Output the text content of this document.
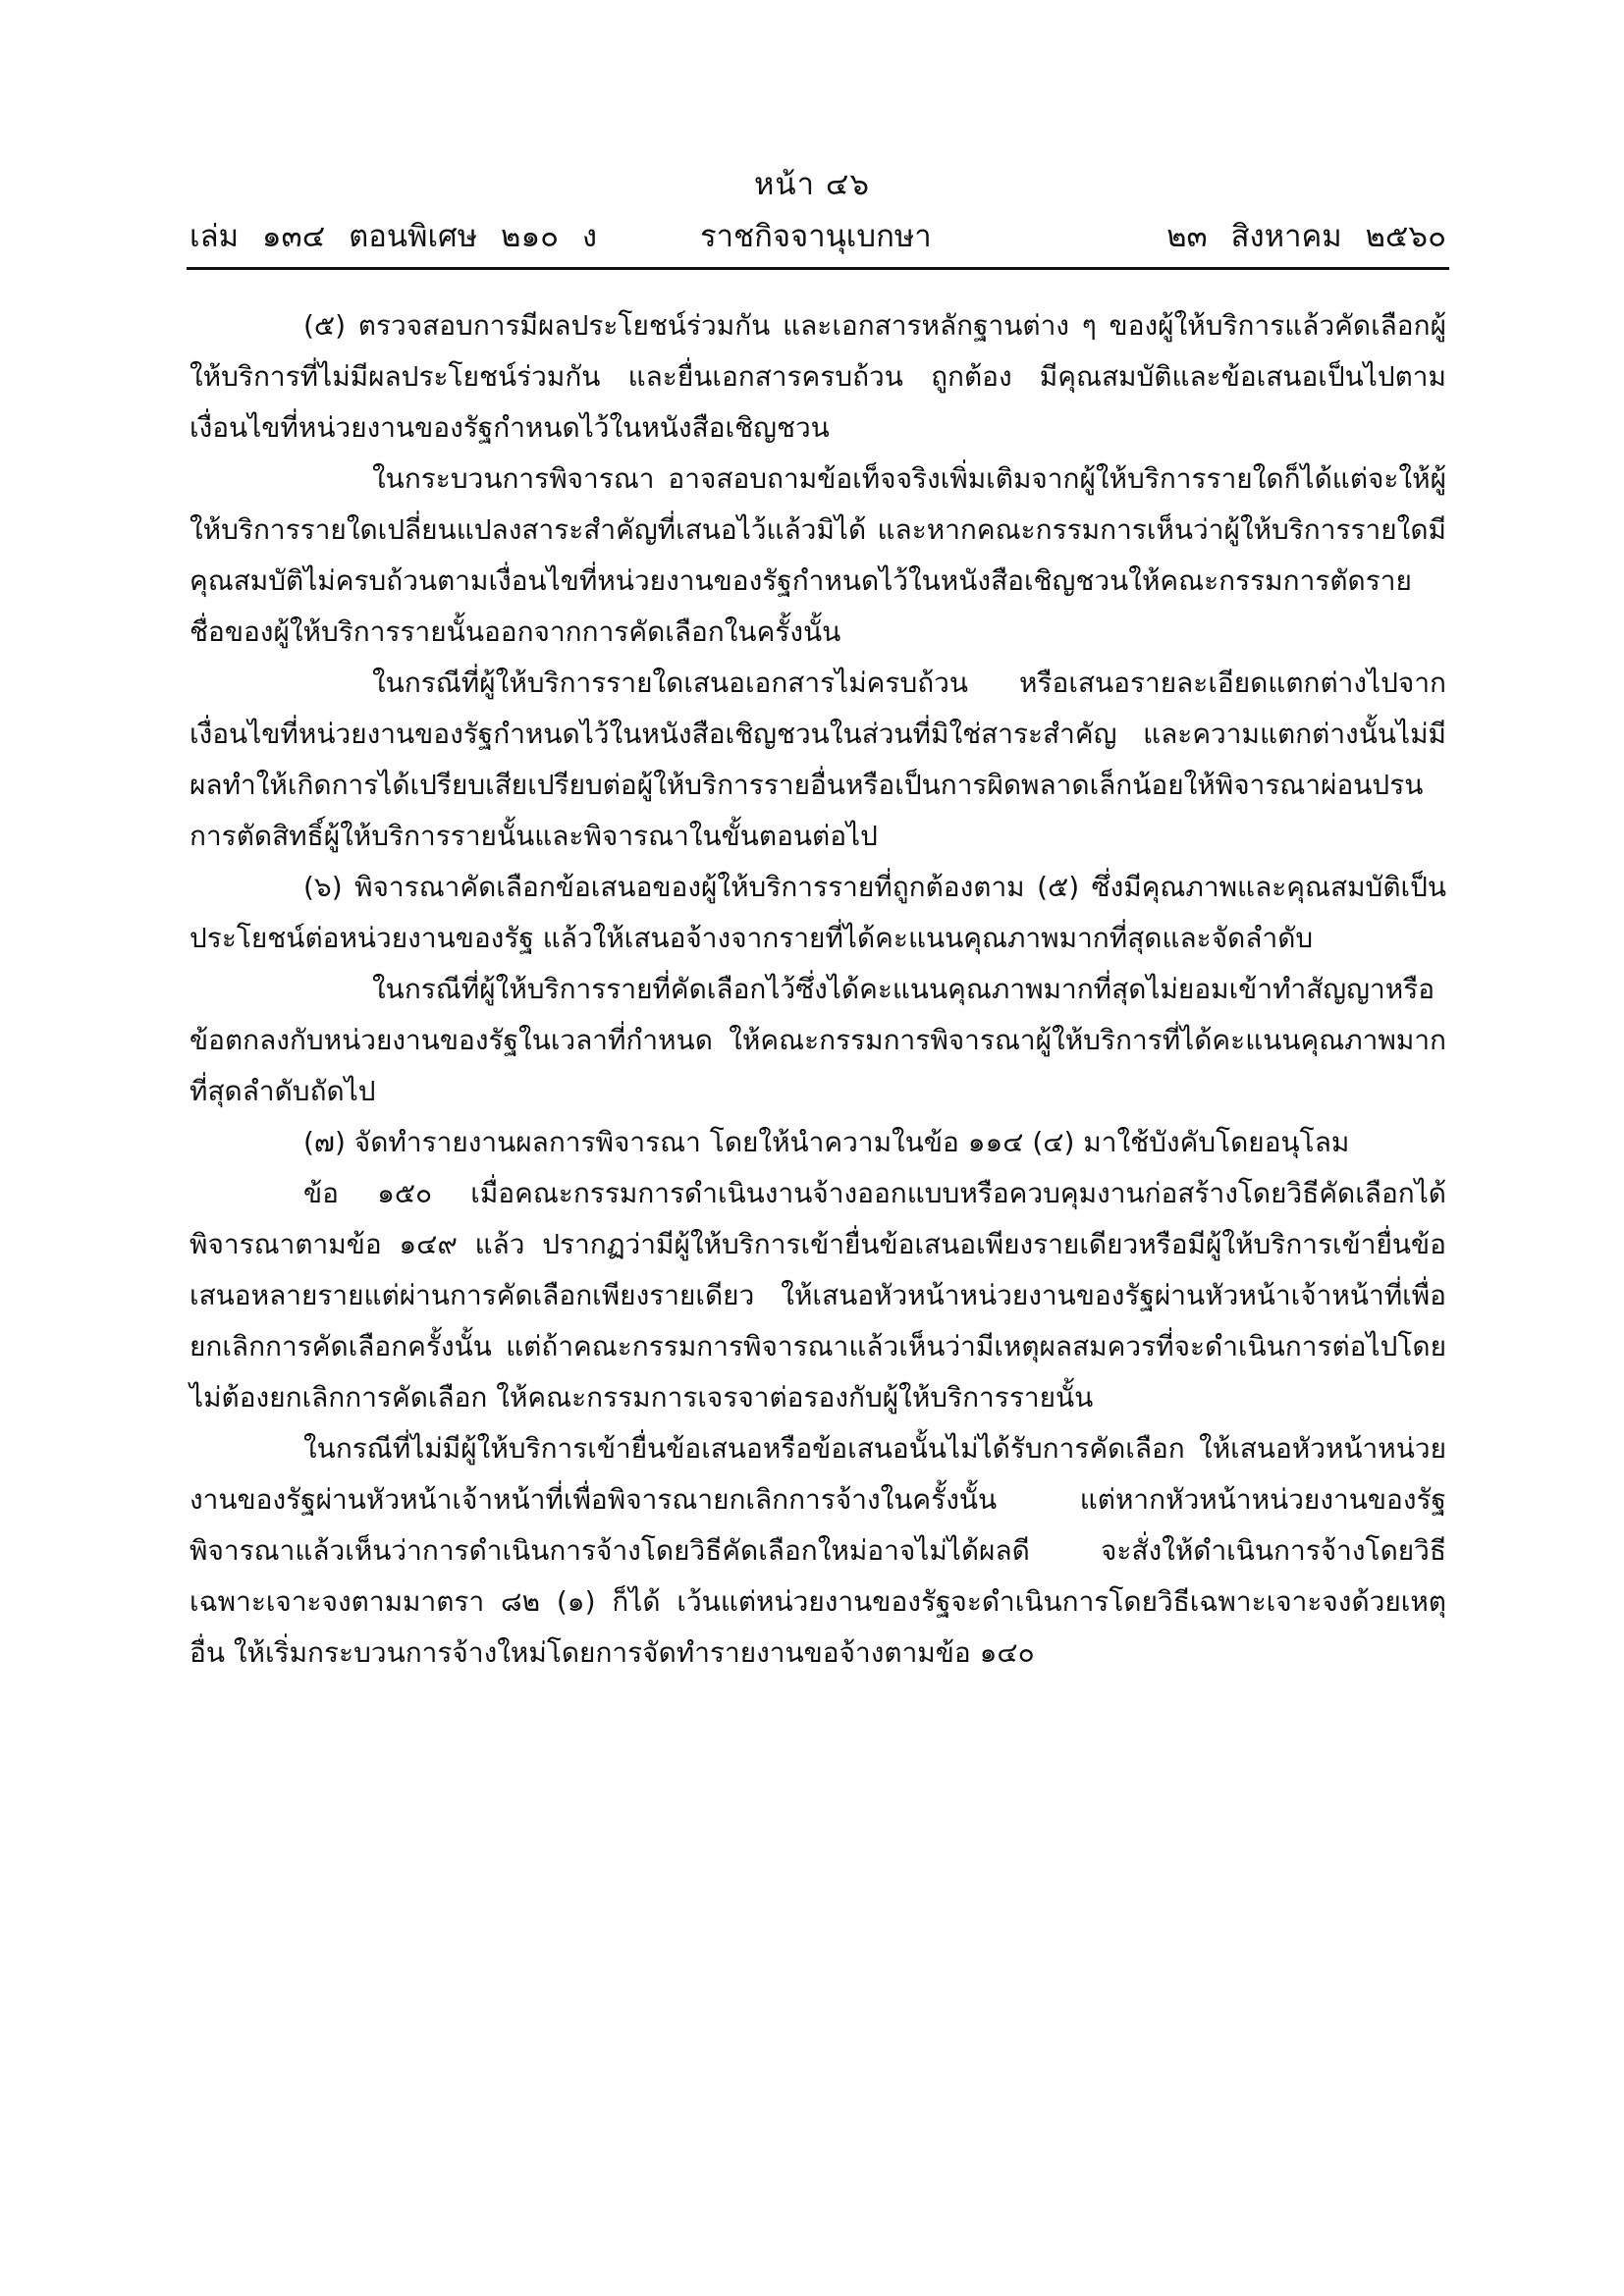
หน้า ๔๖
เล่ม ๑๓๔ ตอนพิเศษ ๒๑๐ ง	ราชกิจจานุเบกษา	๒๓ สิงหาคม ๒๕๖๐

(๕) ตรวจสอบการมีผลประโยชน์ร่วมกัน และเอกสารหลักฐานต่าง ๆ ของผู้ให้บริการแล้วคัดเลือกผู้ให้บริการที่ไม่มีผลประโยชน์ร่วมกัน และยื่นเอกสารครบถ้วน ถูกต้อง มีคุณสมบัติและข้อเสนอเป็นไปตามเงื่อนไขที่หน่วยงานของรัฐกำหนดไว้ในหนังสือเชิญชวน

ในกระบวนการพิจารณา อาจสอบถามข้อเท็จจริงเพิ่มเติมจากผู้ให้บริการรายใดก็ได้แต่จะให้ผู้ให้บริการรายใดเปลี่ยนแปลงสาระสำคัญที่เสนอไว้แล้วมิได้ และหากคณะกรรมการเห็นว่าผู้ให้บริการรายใดมีคุณสมบัติไม่ครบถ้วนตามเงื่อนไขที่หน่วยงานของรัฐกำหนดไว้ในหนังสือเชิญชวนให้คณะกรรมการตัดรายชื่อของผู้ให้บริการรายนั้นออกจากการคัดเลือกในครั้งนั้น

ในกรณีที่ผู้ให้บริการรายใดเสนอเอกสารไม่ครบถ้วน หรือเสนอรายละเอียดแตกต่างไปจากเงื่อนไขที่หน่วยงานของรัฐกำหนดไว้ในหนังสือเชิญชวนในส่วนที่มิใช่สาระสำคัญ และความแตกต่างนั้นไม่มีผลทำให้เกิดการได้เปรียบเสียเปรียบต่อผู้ให้บริการรายอื่นหรือเป็นการผิดพลาดเล็กน้อยให้พิจารณาผ่อนปรนการตัดสิทธิ์ผู้ให้บริการรายนั้นและพิจารณาในขั้นตอนต่อไป

(๖) พิจารณาคัดเลือกข้อเสนอของผู้ให้บริการรายที่ถูกต้องตาม (๕) ซึ่งมีคุณภาพและคุณสมบัติเป็นประโยชน์ต่อหน่วยงานของรัฐ แล้วให้เสนอจ้างจากรายที่ได้คะแนนคุณภาพมากที่สุดและจัดลำดับ

ในกรณีที่ผู้ให้บริการรายที่คัดเลือกไว้ซึ่งได้คะแนนคุณภาพมากที่สุดไม่ยอมเข้าทำสัญญาหรือข้อตกลงกับหน่วยงานของรัฐในเวลาที่กำหนด ให้คณะกรรมการพิจารณาผู้ให้บริการที่ได้คะแนนคุณภาพมากที่สุดลำดับถัดไป

(๗) จัดทำรายงานผลการพิจารณา โดยให้นำความในข้อ ๑๑๔ (๔) มาใช้บังคับโดยอนุโลม

ข้อ ๑๕๐ เมื่อคณะกรรมการดำเนินงานจ้างออกแบบหรือควบคุมงานก่อสร้างโดยวิธีคัดเลือกได้พิจารณาตามข้อ ๑๔๙ แล้ว ปรากฏว่ามีผู้ให้บริการเข้ายื่นข้อเสนอเพียงรายเดียวหรือมีผู้ให้บริการเข้ายื่นข้อเสนอหลายรายแต่ผ่านการคัดเลือกเพียงรายเดียว ให้เสนอหัวหน้าหน่วยงานของรัฐผ่านหัวหน้าเจ้าหน้าที่เพื่อยกเลิกการคัดเลือกครั้งนั้น แต่ถ้าคณะกรรมการพิจารณาแล้วเห็นว่ามีเหตุผลสมควรที่จะดำเนินการต่อไปโดยไม่ต้องยกเลิกการคัดเลือก ให้คณะกรรมการเจรจาต่อรองกับผู้ให้บริการรายนั้น

ในกรณีที่ไม่มีผู้ให้บริการเข้ายื่นข้อเสนอหรือข้อเสนอนั้นไม่ได้รับการคัดเลือก ให้เสนอหัวหน้าหน่วยงานของรัฐผ่านหัวหน้าเจ้าหน้าที่เพื่อพิจารณายกเลิกการจ้างในครั้งนั้น แต่หากหัวหน้าหน่วยงานของรัฐพิจารณาแล้วเห็นว่าการดำเนินการจ้างโดยวิธีคัดเลือกใหม่อาจไม่ได้ผลดี จะสั่งให้ดำเนินการจ้างโดยวิธีเฉพาะเจาะจงตามมาตรา ๘๒ (๑) ก็ได้ เว้นแต่หน่วยงานของรัฐจะดำเนินการโดยวิธีเฉพาะเจาะจงด้วยเหตุอื่น ให้เริ่มกระบวนการจ้างใหม่โดยการจัดทำรายงานขอจ้างตามข้อ ๑๔๐
